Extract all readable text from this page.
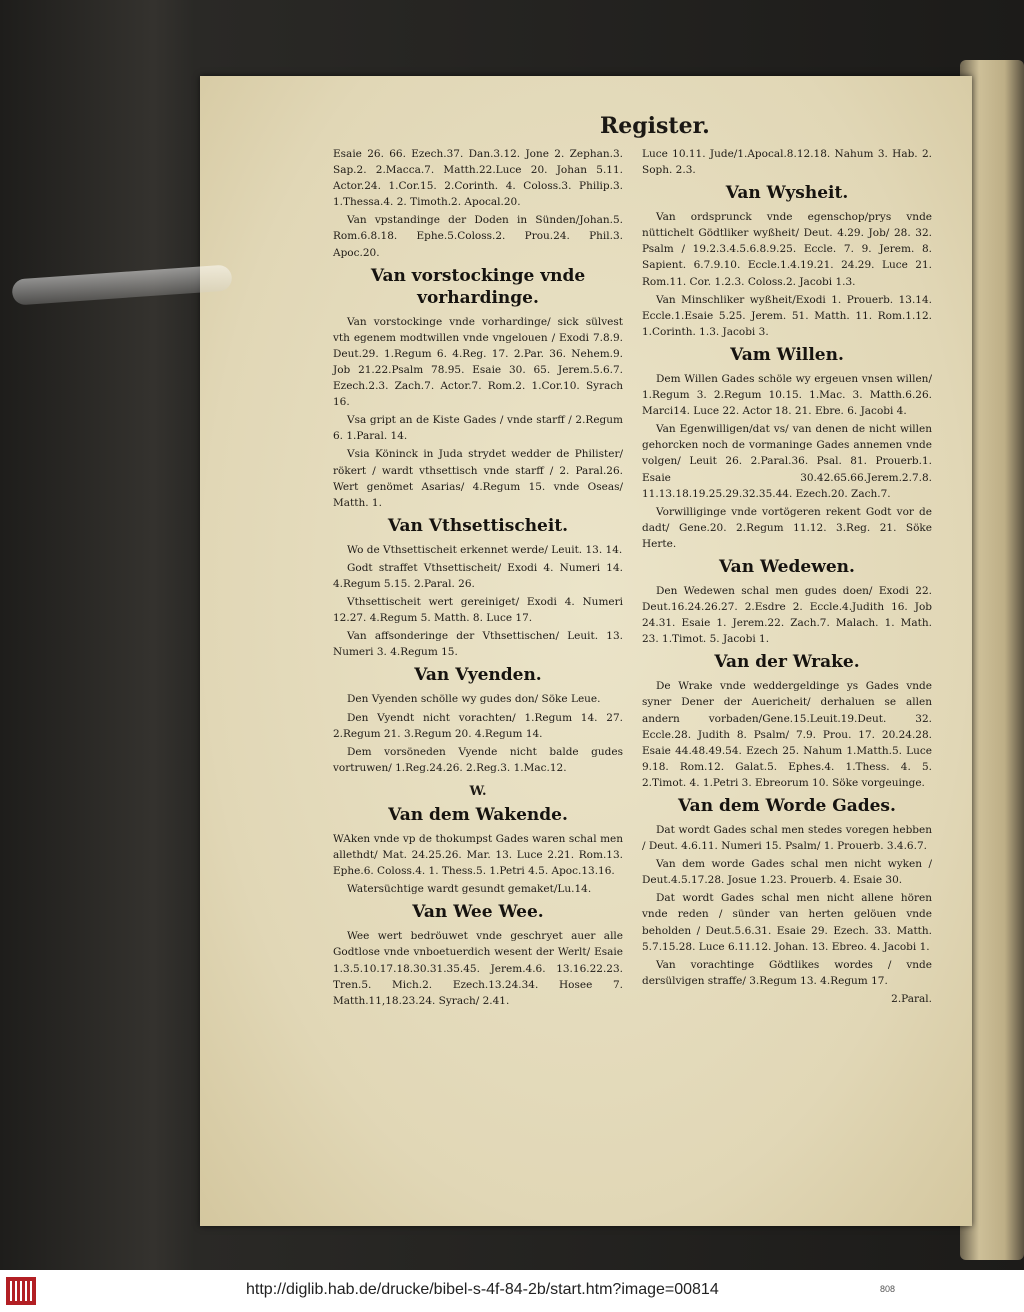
Register.

Esaie 26. 66. Ezech.37. Dan.3.12. Jone 2. Zephan.3. Sap.2. 2.Macca.7. Matth.22.Luce 20. Johan 5.11. Actor.24. 1.Cor.15. 2.Corinth. 4. Coloss.3. Philip.3. 1.Thessa.4. 2. Timoth.2. Apocal.20.

Van vpstandinge der Doden in Sünden/Johan.5. Rom.6.8.18. Ephe.5.Coloss.2. Prou.24. Phil.3. Apoc.20.

Van vorstockinge vnde vorhardinge.

Van vorstockinge vnde vorhardinge/ sick sülvest vth egenem modtwillen vnde vngelouen / Exodi 7.8.9. Deut.29. 1.Regum 6. 4.Reg. 17. 2.Par. 36. Nehem.9. Job 21.22.Psalm 78.95. Esaie 30. 65. Jerem.5.6.7. Ezech.2.3. Zach.7. Actor.7. Rom.2. 1.Cor.10. Syrach 16.

Vsa gript an de Kiste Gades / vnde starff / 2.Regum 6. 1.Paral. 14.

Vsia Köninck in Juda strydet wedder de Philister/ rökert / wardt vthsettisch vnde starff / 2. Paral.26. Wert genömet Asarias/ 4.Regum 15. vnde Oseas/ Matth. 1.

Van Vthsettischeit.

Wo de Vthsettischeit erkennet werde/ Leuit. 13. 14.

Godt straffet Vthsettischeit/ Exodi 4. Numeri 14. 4.Regum 5.15. 2.Paral. 26.

Vthsettischeit wert gereiniget/ Exodi 4. Numeri 12.27. 4.Regum 5. Matth. 8. Luce 17.

Van affsonderinge der Vthsettischen/ Leuit. 13. Numeri 3. 4.Regum 15.

Van Vyenden.

Den Vyenden schölle wy gudes don/ Söke Leue.

Den Vyendt nicht vorachten/ 1.Regum 14. 27. 2.Regum 21. 3.Regum 20. 4.Regum 14.

Dem vorsöneden Vyende nicht balde gudes vortruwen/ 1.Reg.24.26. 2.Reg.3. 1.Mac.12.

W.
Van dem Wakende.

WAken vnde vp de thokumpst Gades waren schal men allethdt/ Mat. 24.25.26. Mar. 13. Luce 2.21. Rom.13. Ephe.6. Coloss.4. 1. Thess.5. 1.Petri 4.5. Apoc.13.16.

Watersüchtige wardt gesundt gemaket/Lu.14.

Van Wee Wee.

Wee wert bedröuwet vnde geschryet auer alle Godtlose vnde vnboetuerdich wesent der Werlt/ Esaie 1.3.5.10.17.18.30.31.35.45. Jerem.4.6. 13.16.22.23. Tren.5. Mich.2. Ezech.13.24.34. Hosee 7. Matth.11,18.23.24. Syrach/ 2.41.

Luce 10.11. Jude/1.Apocal.8.12.18. Nahum 3. Hab. 2. Soph. 2.3.

Van Wysheit.

Van ordsprunck vnde egenschop/prys vnde nüttichelt Gödtliker wyßheit/ Deut. 4.29. Job/ 28. 32. Psalm / 19.2.3.4.5.6.8.9.25. Eccle. 7. 9. Jerem. 8. Sapient. 6.7.9.10. Eccle.1.4.19.21. 24.29. Luce 21. Rom.11. Cor. 1.2.3. Coloss.2. Jacobi 1.3.

Van Minschliker wyßheit/Exodi 1. Prouerb. 13.14. Eccle.1.Esaie 5.25. Jerem. 51. Matth. 11. Rom.1.12. 1.Corinth. 1.3. Jacobi 3.

Vam Willen.

Dem Willen Gades schöle wy ergeuen vnsen willen/ 1.Regum 3. 2.Regum 10.15. 1.Mac. 3. Matth.6.26. Marci14. Luce 22. Actor 18. 21. Ebre. 6. Jacobi 4.

Van Egenwilligen/dat vs/ van denen de nicht willen gehorcken noch de vormaninge Gades annemen vnde volgen/ Leuit 26. 2.Paral.36. Psal. 81. Prouerb.1. Esaie 30.42.65.66.Jerem.2.7.8. 11.13.18.19.25.29.32.35.44. Ezech.20. Zach.7.

Vorwilliginge vnde vortögeren rekent Godt vor de dadt/ Gene.20. 2.Regum 11.12. 3.Reg. 21. Söke Herte.

Van Wedewen.

Den Wedewen schal men gudes doen/ Exodi 22. Deut.16.24.26.27. 2.Esdre 2. Eccle.4.Judith 16. Job 24.31. Esaie 1. Jerem.22. Zach.7. Malach. 1. Math. 23. 1.Timot. 5. Jacobi 1.

Van der Wrake.

De Wrake vnde weddergeldinge ys Gades vnde syner Dener der Auericheit/ derhaluen se allen andern vorbaden/Gene.15.Leuit.19.Deut. 32. Eccle.28. Judith 8. Psalm/ 7.9. Prou. 17. 20.24.28. Esaie 44.48.49.54. Ezech 25. Nahum 1.Matth.5. Luce 9.18. Rom.12. Galat.5. Ephes.4. 1.Thess. 4. 5. 2.Timot. 4. 1.Petri 3. Ebreorum 10. Söke vorgeuinge.

Van dem Worde Gades.

Dat wordt Gades schal men stedes voregen hebben / Deut. 4.6.11. Numeri 15. Psalm/ 1. Prouerb. 3.4.6.7.

Van dem worde Gades schal men nicht wyken / Deut.4.5.17.28. Josue 1.23. Prouerb. 4. Esaie 30.

Dat wordt Gades schal men nicht allene hören vnde reden / sünder van herten gelöuen vnde beholden / Deut.5.6.31. Esaie 29. Ezech. 33. Matth. 5.7.15.28. Luce 6.11.12. Johan. 13. Ebreo. 4. Jacobi 1.

Van vorachtinge Gödtlikes wordes / vnde dersülvigen straffe/ 3.Regum 13. 4.Regum 17.

2.Paral.

http://diglib.hab.de/drucke/bibel-s-4f-84-2b/start.htm?image=00814	808
